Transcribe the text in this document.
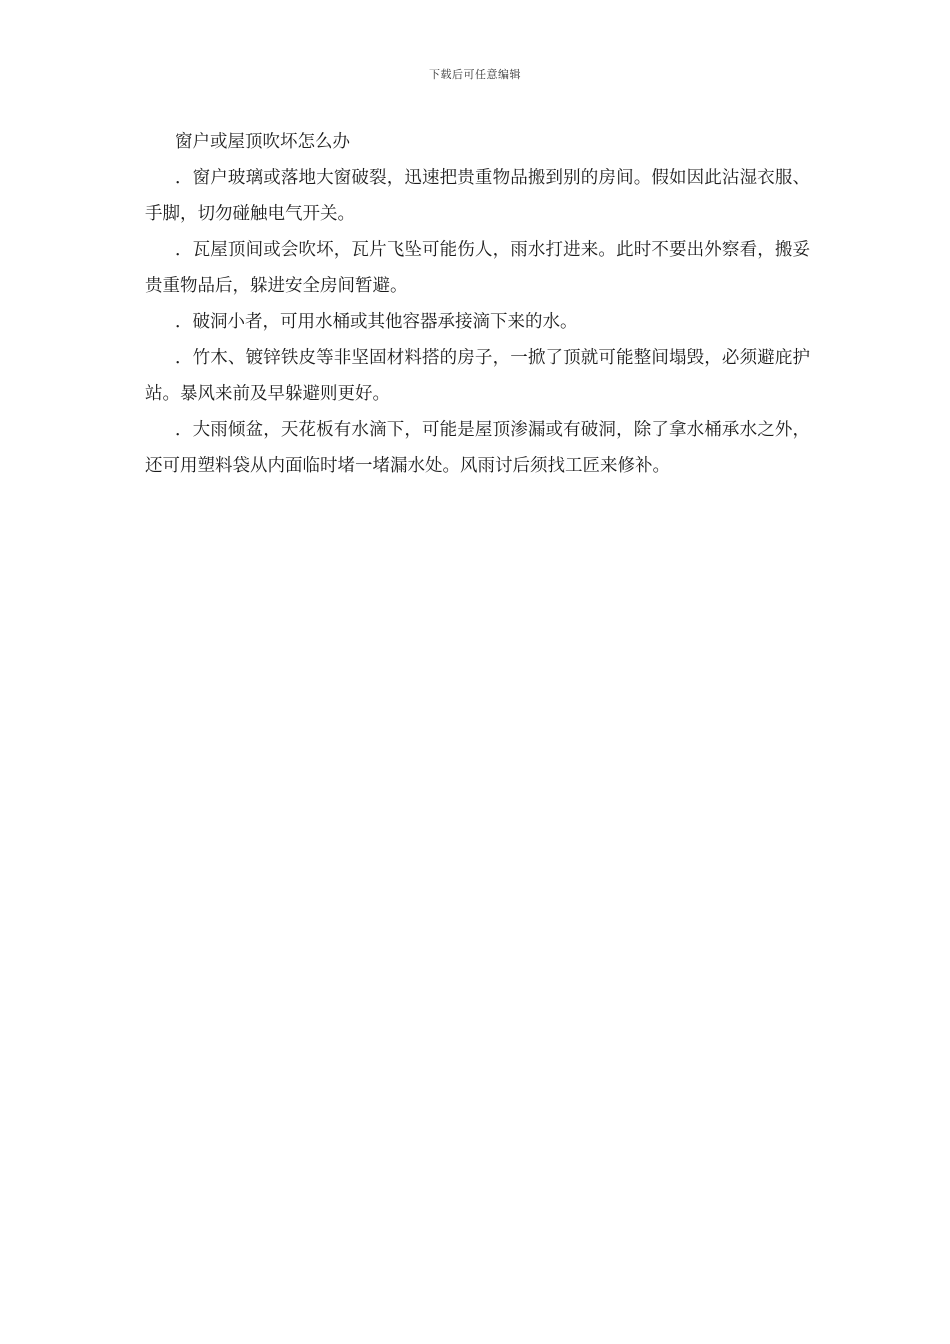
下载后可任意编辑
窗户或屋顶吹坏怎么办

．窗户玻璃或落地大窗破裂，迅速把贵重物品搬到别的房间。假如因此沾湿衣服、手脚，切勿碰触电气开关。

．瓦屋顶间或会吹坏，瓦片飞坠可能伤人，雨水打进来。此时不要出外察看，搬妥贵重物品后，躲进安全房间暂避。

．破洞小者，可用水桶或其他容器承接滴下来的水。

．竹木、镀锌铁皮等非坚固材料搭的房子，一掀了顶就可能整间塌毁，必须避庇护站。暴风来前及早躲避则更好。

．大雨倾盆，天花板有水滴下，可能是屋顶渗漏或有破洞，除了拿水桶承水之外，还可用塑料袋从内面临时堵一堵漏水处。风雨讨后须找工匠来修补。
